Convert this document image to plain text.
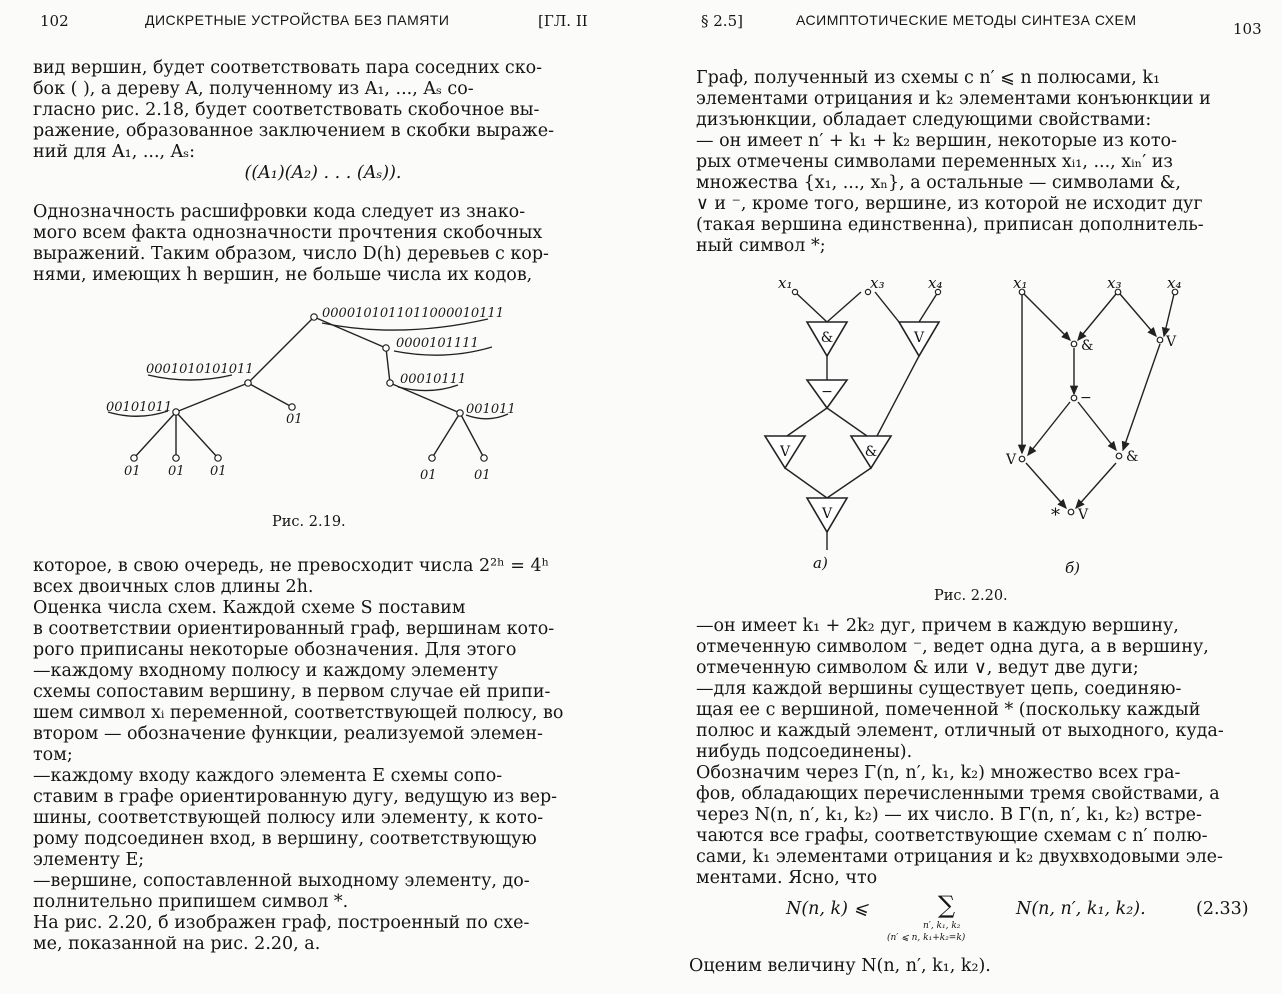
102	ДИСКРЕТНЫЕ УСТРОЙСТВА БЕЗ ПАМЯТИ	[ГЛ. II
вид вершин, будет соответствовать пара соседних ско-
бок ( ), а дереву A, полученному из A₁, ..., Aₛ со-
гласно рис. 2.18, будет соответствовать скобочное вы-
ражение, образованное заключением в скобки выраже-
ний для A₁, ..., Aₛ:
((A₁)(A₂) . . . (Aₛ)).
Однозначность расшифровки кода следует из знако-
мого всем факта однозначности прочтения скобочных
выражений. Таким образом, число D(h) деревьев с кор-
нями, имеющих h вершин, не больше числа их кодов,
0000101011011000010111
0000101111
0001010101011
00010111
00101011	001011
01
01 01 01	01	01
Рис. 2.19.
которое, в свою очередь, не превосходит числа 2²ʰ = 4ʰ
всех двоичных слов длины 2h.
Оценка числа схем. Каждой схеме S поставим
в соответствии ориентированный граф, вершинам кото-
рого приписаны некоторые обозначения. Для этого
—каждому входному полюсу и каждому элементу
схемы сопоставим вершину, в первом случае ей припи-
шем символ xᵢ переменной, соответствующей полюсу, во
втором — обозначение функции, реализуемой элемен-
том;
—каждому входу каждого элемента E схемы сопо-
ставим в графе ориентированную дугу, ведущую из вер-
шины, соответствующей полюсу или элементу, к кото-
рому подсоединен вход, в вершину, соответствующую
элементу E;
—вершине, сопоставленной выходному элементу, до-
полнительно припишем символ *.
На рис. 2.20, б изображен граф, построенный по схе-
ме, показанной на рис. 2.20, а.
§ 2.5]	АСИМПТОТИЧЕСКИЕ МЕТОДЫ СИНТЕЗА СХЕМ	103
Граф, полученный из схемы с n′ ⩽ n полюсами, k₁
элементами отрицания и k₂ элементами конъюнкции и
дизъюнкции, обладает следующими свойствами:
— он имеет n′ + k₁ + k₂ вершин, некоторые из кото-
рых отмечены символами переменных xᵢ₁, ..., xᵢₙ′ из
множества {x₁, ..., xₙ}, а остальные — символами &,
∨ и ⁻, кроме того, вершине, из которой не исходит дуг
(такая вершина единственна), приписан дополнитель-
ный символ *;
&	V
−
V	&
V
x₁	x₃	x₄
а)
&	V
−
V	&
V
*
x₁	x₃	x₄
б)
Рис. 2.20.
—он имеет k₁ + 2k₂ дуг, причем в каждую вершину,
отмеченную символом ⁻, ведет одна дуга, а в вершину,
отмеченную символом & или ∨, ведут две дуги;
—для каждой вершины существует цепь, соединяю-
щая ее с вершиной, помеченной * (поскольку каждый
полюс и каждый элемент, отличный от выходного, куда-
нибудь подсоединены).
Обозначим через Γ(n, n′, k₁, k₂) множество всех гра-
фов, обладающих перечисленными тремя свойствами, а
через N(n, n′, k₁, k₂) — их число. В Γ(n, n′, k₁, k₂) встре-
чаются все графы, соответствующие схемам с n′ полю-
сами, k₁ элементами отрицания и k₂ двухвходовыми эле-
ментами. Ясно, что
N(n, k) ⩽	∑
n′, k₁, k₂
(n′ ⩽ n, k₁+k₂=k)
N(n, n′, k₁, k₂).	(2.33)
Оценим величину N(n, n′, k₁, k₂).
